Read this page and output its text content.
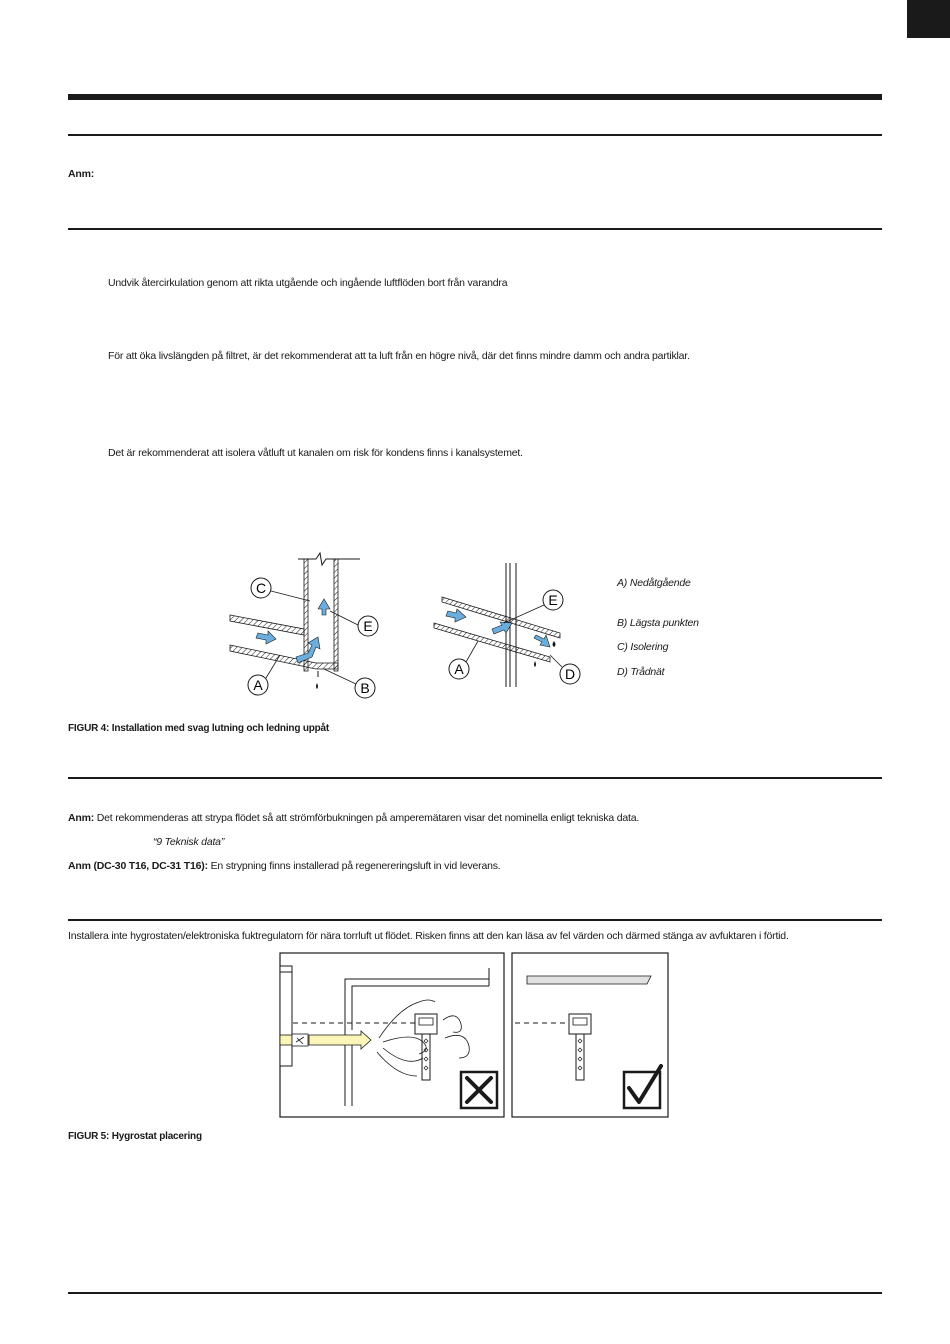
Anm:
Undvik återcirkulation genom att rikta utgående och ingående luftflöden bort från varandra
För att öka livslängden på filtret, är det rekommenderat att ta luft från en högre nivå, där det finns mindre damm och andra partiklar.
Det är rekommenderat att isolera våtluft ut kanalen om risk för kondens finns i kanalsystemet.
C
E
A	B
E
A	D
A) Nedåtgående
B) Lägsta punkten
C) Isolering
D) Trådnät
FIGUR 4: Installation med svag lutning och ledning uppåt
Anm: Det rekommenderas att strypa flödet så att strömförbukningen på amperemätaren visar det nominella enligt tekniska data.
“9 Teknisk data”
Anm (DC-30 T16, DC-31 T16): En strypning finns installerad på regenereringsluft in vid leverans.
Installera inte hygrostaten/elektroniska fuktregulatorn för nära torrluft ut flödet. Risken finns att den kan läsa av fel värden och därmed stänga av avfuktaren i förtid.
FIGUR 5: Hygrostat placering
